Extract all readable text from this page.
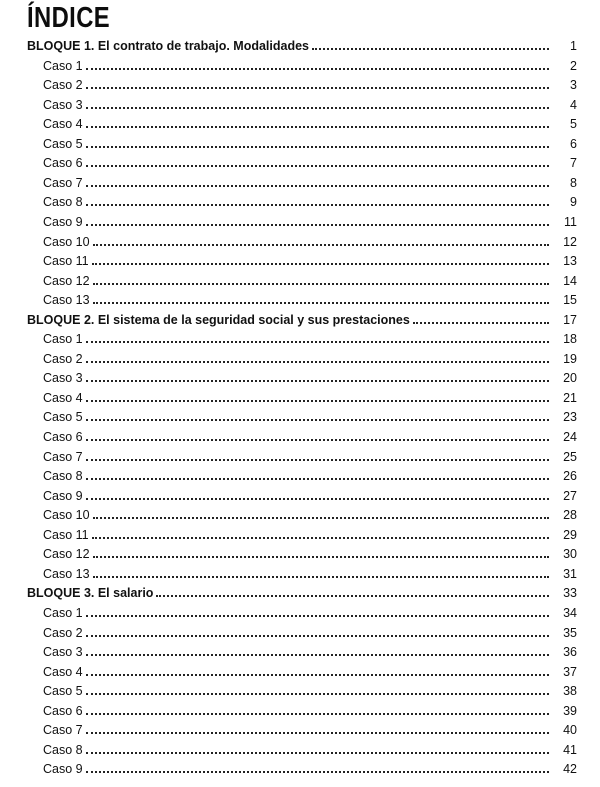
ÍNDICE
BLOQUE 1. El contrato de trabajo. Modalidades	1
Caso 1	2
Caso 2	3
Caso 3	4
Caso 4	5
Caso 5	6
Caso 6	7
Caso 7	8
Caso 8	9
Caso 9	11
Caso 10	12
Caso 11	13
Caso 12	14
Caso 13	15
BLOQUE 2. El sistema de la seguridad social y sus prestaciones	17
Caso 1	18
Caso 2	19
Caso 3	20
Caso 4	21
Caso 5	23
Caso 6	24
Caso 7	25
Caso 8	26
Caso 9	27
Caso 10	28
Caso 11	29
Caso 12	30
Caso 13	31
BLOQUE 3. El salario	33
Caso 1	34
Caso 2	35
Caso 3	36
Caso 4	37
Caso 5	38
Caso 6	39
Caso 7	40
Caso 8	41
Caso 9	42
